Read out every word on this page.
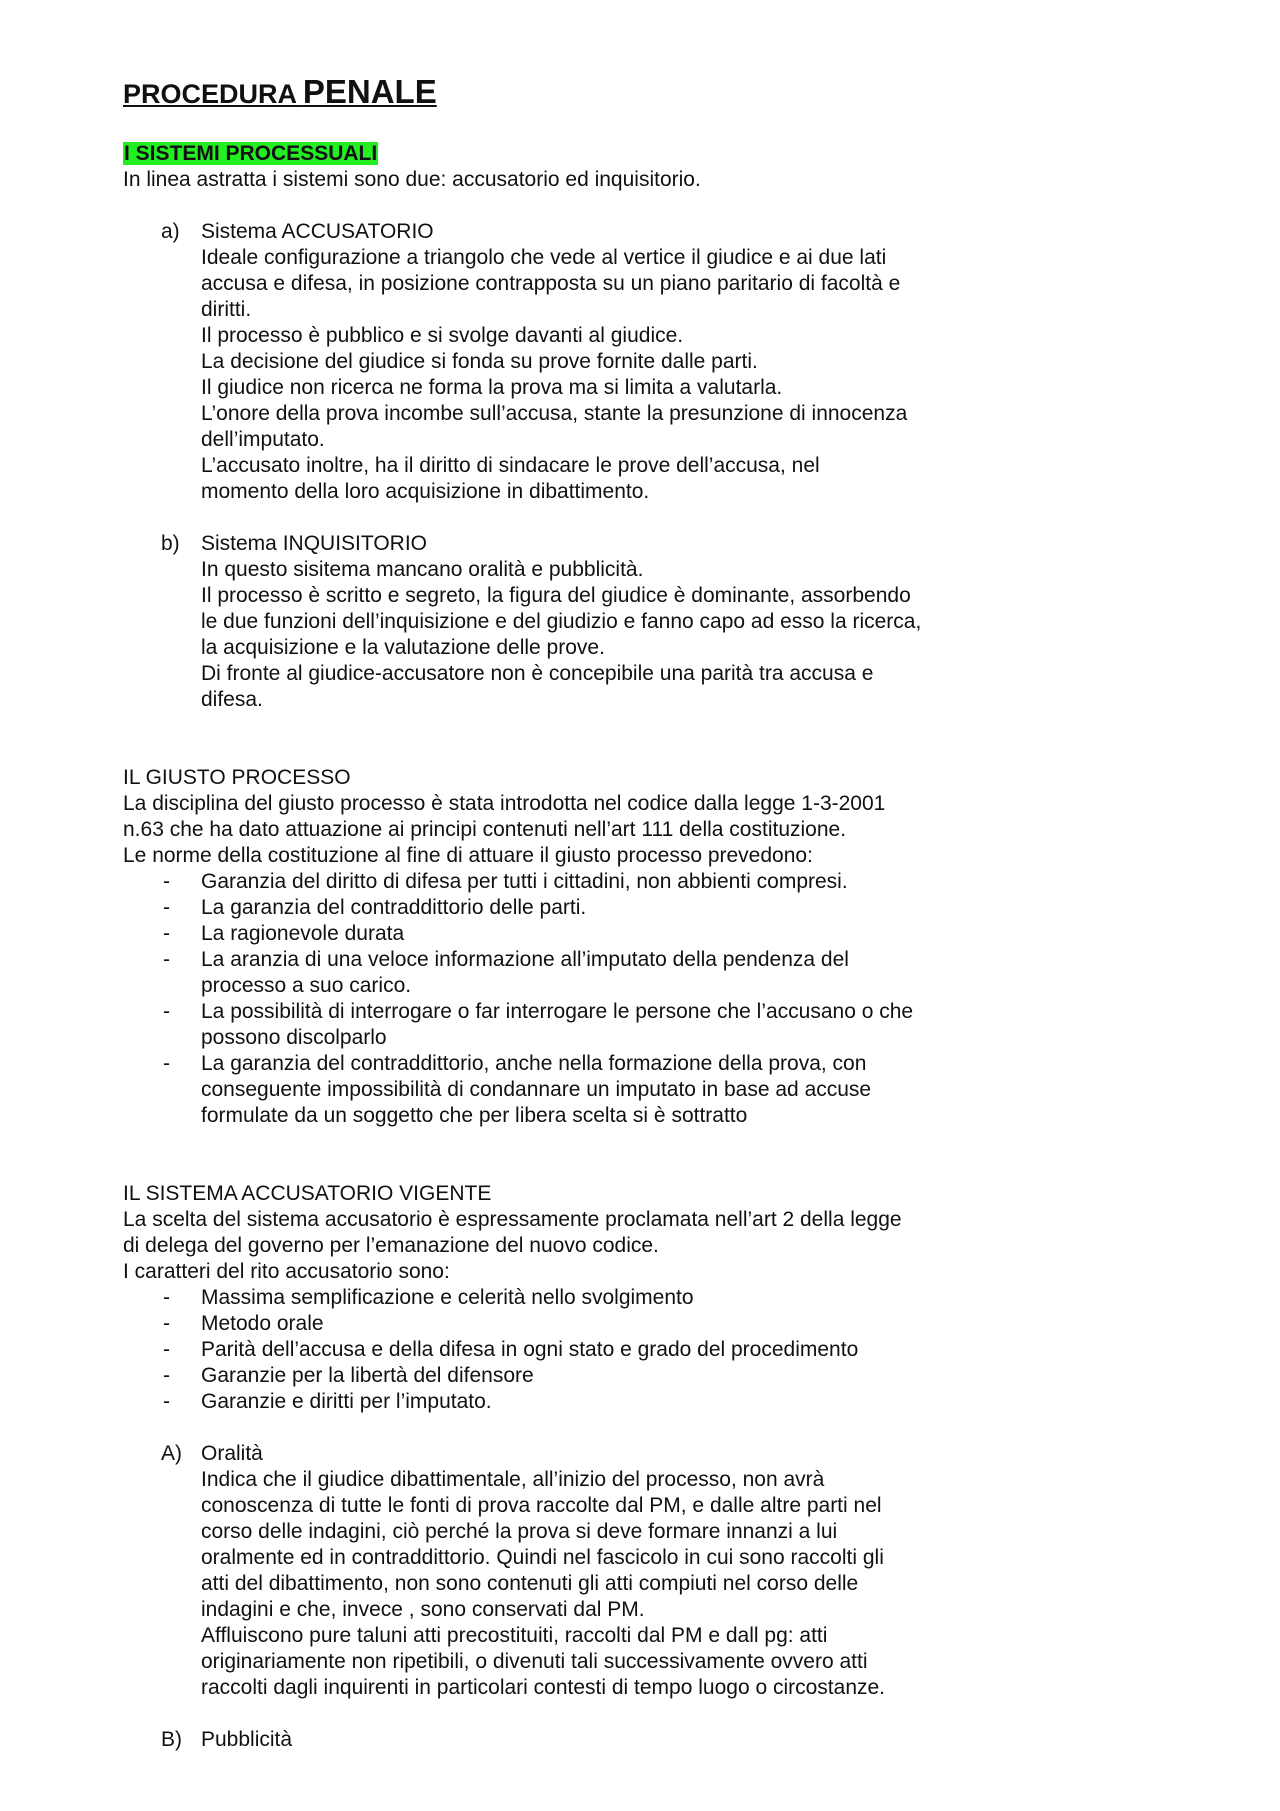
PROCEDURA PENALE
I SISTEMI PROCESSUALI
In linea astratta i sistemi sono due: accusatorio ed inquisitorio.
a) Sistema ACCUSATORIO
Ideale configurazione a triangolo che vede al vertice il giudice e ai due lati
accusa e difesa, in posizione contrapposta su un piano paritario di facoltà e
diritti.
Il processo è pubblico e si svolge davanti al giudice.
La decisione del giudice si fonda su prove fornite dalle parti.
Il giudice non ricerca ne forma la prova ma si limita a valutarla.
L’onore della prova incombe sull’accusa, stante la presunzione di innocenza
dell’imputato.
L’accusato inoltre, ha il diritto di sindacare le prove dell’accusa, nel
momento della loro acquisizione in dibattimento.
b) Sistema INQUISITORIO
In questo sisitema mancano oralità e pubblicità.
Il processo è scritto e segreto, la figura del giudice è dominante, assorbendo
le due funzioni dell’inquisizione e del giudizio e fanno capo ad esso la ricerca,
la acquisizione e la valutazione delle prove.
Di fronte al giudice-accusatore non è concepibile una parità tra accusa e
difesa.
IL GIUSTO PROCESSO
La disciplina del giusto processo è stata introdotta nel codice dalla legge 1-3-2001
n.63 che ha dato attuazione ai principi contenuti nell’art 111 della costituzione.
Le norme della costituzione al fine di attuare il giusto processo prevedono:
- Garanzia del diritto di difesa per tutti i cittadini, non abbienti compresi.
- La garanzia del contraddittorio delle parti.
- La ragionevole durata
- La aranzia di una veloce informazione all’imputato della pendenza del
processo a suo carico.
- La possibilità di interrogare o far interrogare le persone che l’accusano o che
possono discolparlo
- La garanzia del contraddittorio, anche nella formazione della prova, con
conseguente impossibilità di condannare un imputato in base ad accuse
formulate da un soggetto che per libera scelta si è sottratto
IL SISTEMA ACCUSATORIO VIGENTE
La scelta del sistema accusatorio è espressamente proclamata nell’art 2 della legge
di delega del governo per l’emanazione del nuovo codice.
I caratteri del rito accusatorio sono:
- Massima semplificazione e celerità nello svolgimento
- Metodo orale
- Parità dell’accusa e della difesa in ogni stato e grado del procedimento
- Garanzie per la libertà del difensore
- Garanzie e diritti per l’imputato.
A) Oralità
Indica che il giudice dibattimentale, all’inizio del processo, non avrà
conoscenza di tutte le fonti di prova raccolte dal PM, e dalle altre parti nel
corso delle indagini, ciò perché la prova si deve formare innanzi a lui
oralmente ed in contraddittorio. Quindi nel fascicolo in cui sono raccolti gli
atti del dibattimento, non sono contenuti gli atti compiuti nel corso delle
indagini e che, invece , sono conservati dal PM.
Affluiscono pure taluni atti precostituiti, raccolti dal PM e dall pg: atti
originariamente non ripetibili, o divenuti tali successivamente ovvero atti
raccolti dagli inquirenti in particolari contesti di tempo luogo o circostanze.
B) Pubblicità
